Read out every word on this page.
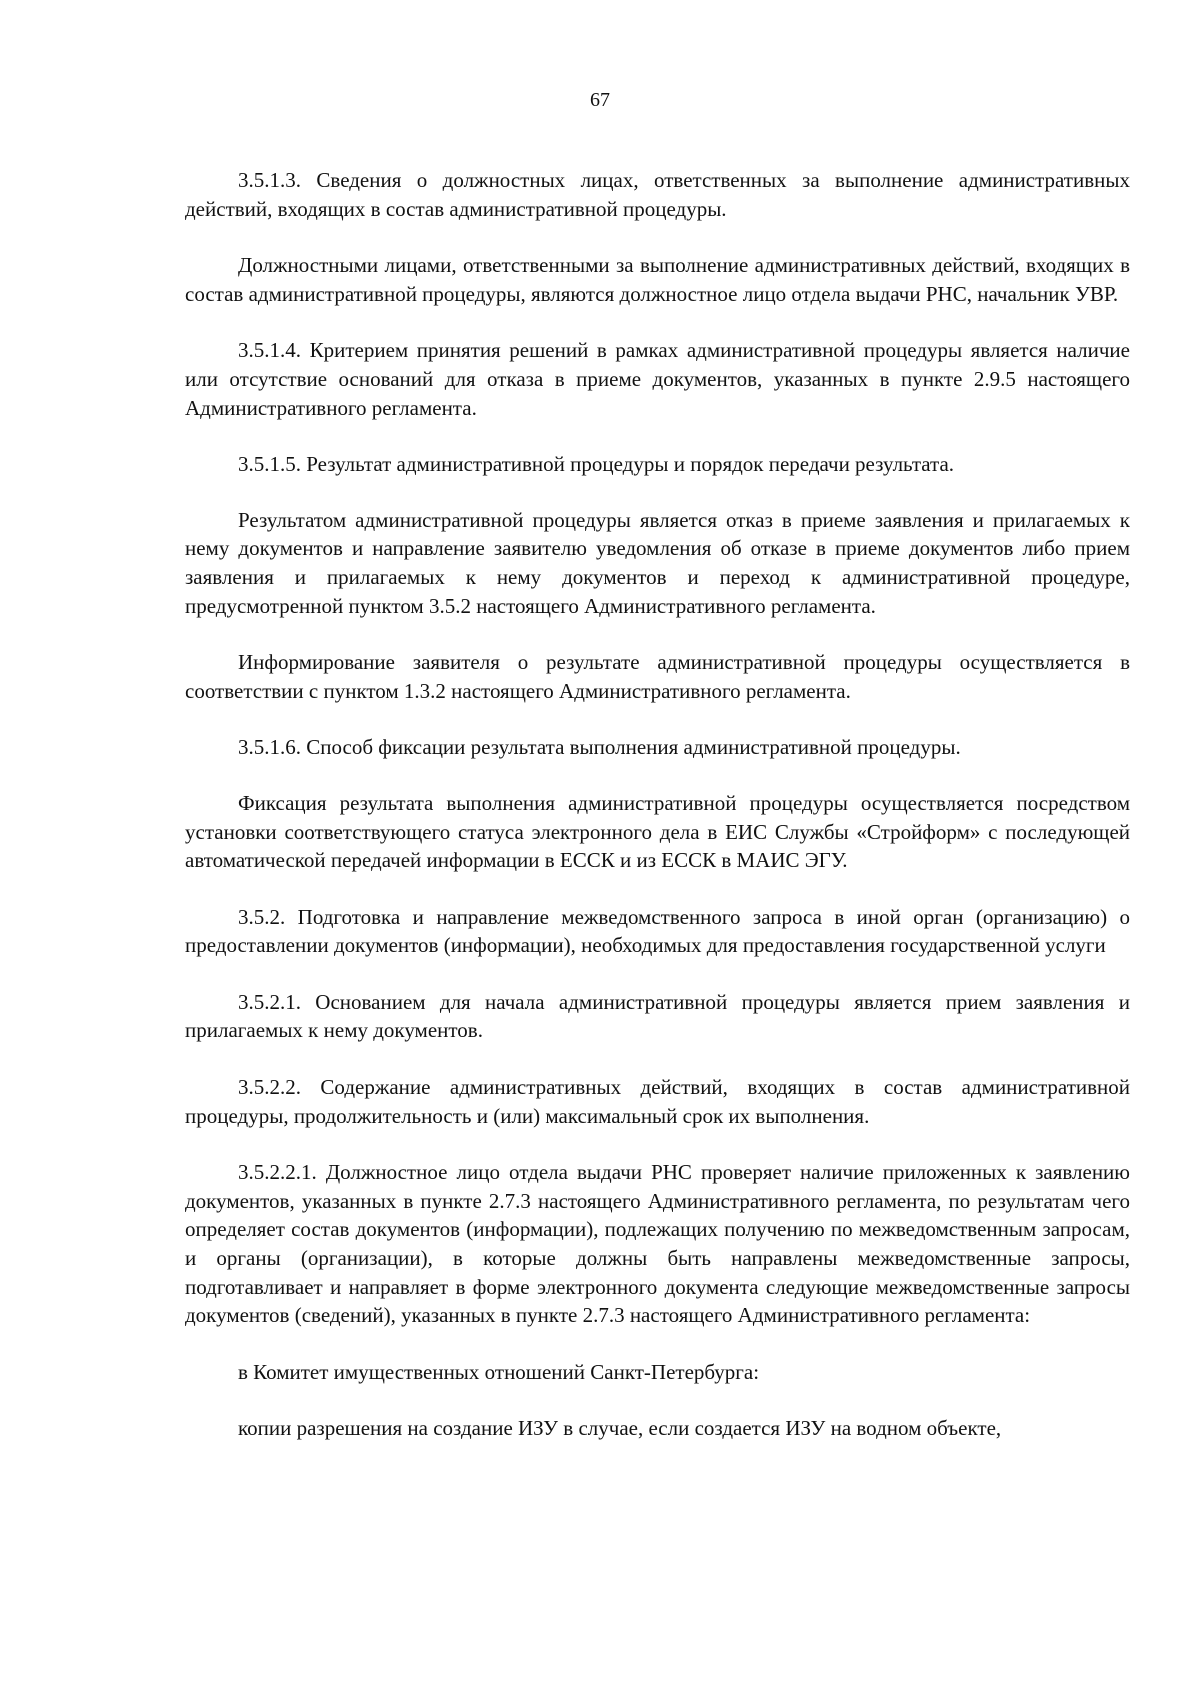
67

3.5.1.3. Сведения о должностных лицах, ответственных за выполнение административных действий, входящих в состав административной процедуры.

Должностными лицами, ответственными за выполнение административных действий, входящих в состав административной процедуры, являются должностное лицо отдела выдачи РНС, начальник УВР.

3.5.1.4. Критерием принятия решений в рамках административной процедуры является наличие или отсутствие оснований для отказа в приеме документов, указанных в пункте 2.9.5 настоящего Административного регламента.

3.5.1.5. Результат административной процедуры и порядок передачи результата.

Результатом административной процедуры является отказ в приеме заявления и прилагаемых к нему документов и направление заявителю уведомления об отказе в приеме документов либо прием заявления и прилагаемых к нему документов и переход к административной процедуре, предусмотренной пунктом 3.5.2 настоящего Административного регламента.

Информирование заявителя о результате административной процедуры осуществляется в соответствии с пунктом 1.3.2 настоящего Административного регламента.

3.5.1.6. Способ фиксации результата выполнения административной процедуры.

Фиксация результата выполнения административной процедуры осуществляется посредством установки соответствующего статуса электронного дела в ЕИС Службы «Стройформ» с последующей автоматической передачей информации в ЕССК и из ЕССК в МАИС ЭГУ.

3.5.2. Подготовка и направление межведомственного запроса в иной орган (организацию) о предоставлении документов (информации), необходимых для предоставления государственной услуги

3.5.2.1. Основанием для начала административной процедуры является прием заявления и прилагаемых к нему документов.

3.5.2.2. Содержание административных действий, входящих в состав административной процедуры, продолжительность и (или) максимальный срок их выполнения.

3.5.2.2.1. Должностное лицо отдела выдачи РНС проверяет наличие приложенных к заявлению документов, указанных в пункте 2.7.3 настоящего Административного регламента, по результатам чего определяет состав документов (информации), подлежащих получению по межведомственным запросам, и органы (организации), в которые должны быть направлены межведомственные запросы, подготавливает и направляет в форме электронного документа следующие межведомственные запросы документов (сведений), указанных в пункте 2.7.3 настоящего Административного регламента:

в Комитет имущественных отношений Санкт-Петербурга:

копии разрешения на создание ИЗУ в случае, если создается ИЗУ на водном объекте,
